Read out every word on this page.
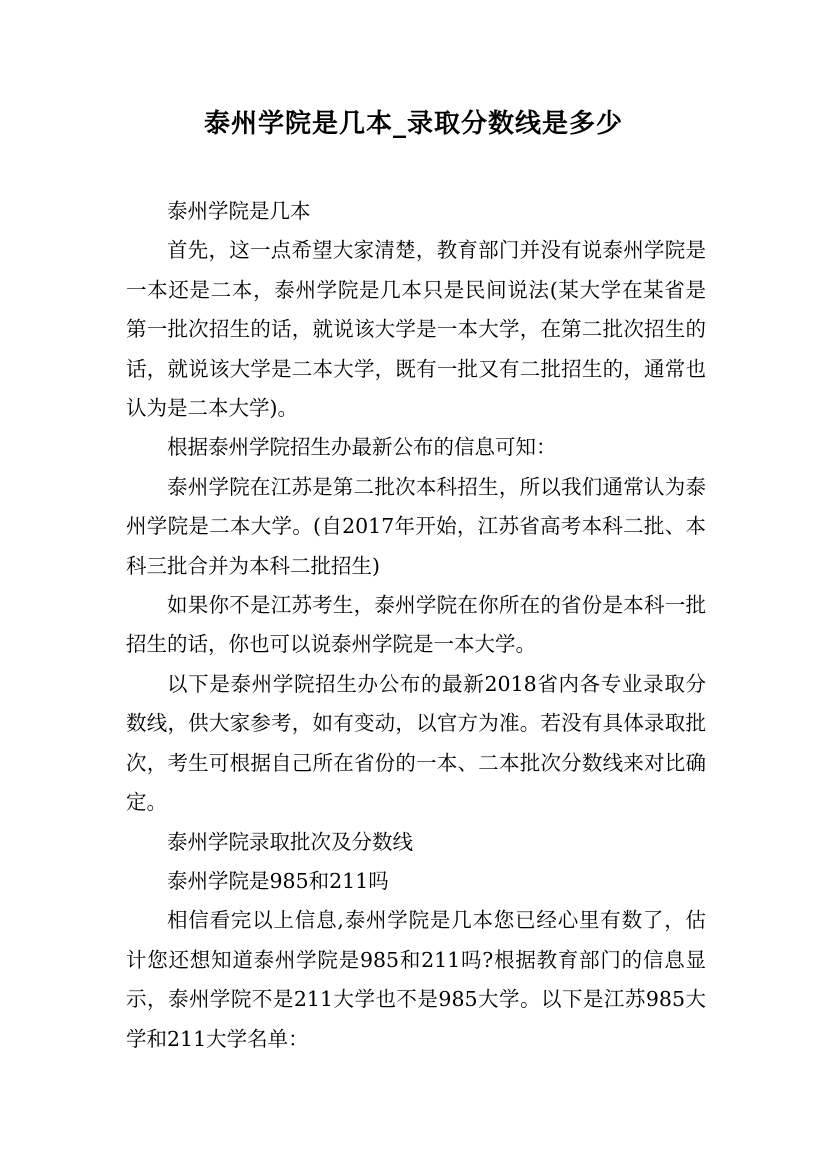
泰州学院是几本_录取分数线是多少

泰州学院是几本

首先，这一点希望大家清楚，教育部门并没有说泰州学院是一本还是二本，泰州学院是几本只是民间说法(某大学在某省是第一批次招生的话，就说该大学是一本大学，在第二批次招生的话，就说该大学是二本大学，既有一批又有二批招生的，通常也认为是二本大学)。

根据泰州学院招生办最新公布的信息可知：

泰州学院在江苏是第二批次本科招生，所以我们通常认为泰州学院是二本大学。(自2017年开始，江苏省高考本科二批、本科三批合并为本科二批招生)

如果你不是江苏考生，泰州学院在你所在的省份是本科一批招生的话，你也可以说泰州学院是一本大学。

以下是泰州学院招生办公布的最新2018省内各专业录取分数线，供大家参考，如有变动，以官方为准。若没有具体录取批次，考生可根据自己所在省份的一本、二本批次分数线来对比确定。

泰州学院录取批次及分数线

泰州学院是985和211吗

相信看完以上信息,泰州学院是几本您已经心里有数了，估计您还想知道泰州学院是985和211吗?根据教育部门的信息显示，泰州学院不是211大学也不是985大学。以下是江苏985大学和211大学名单：
